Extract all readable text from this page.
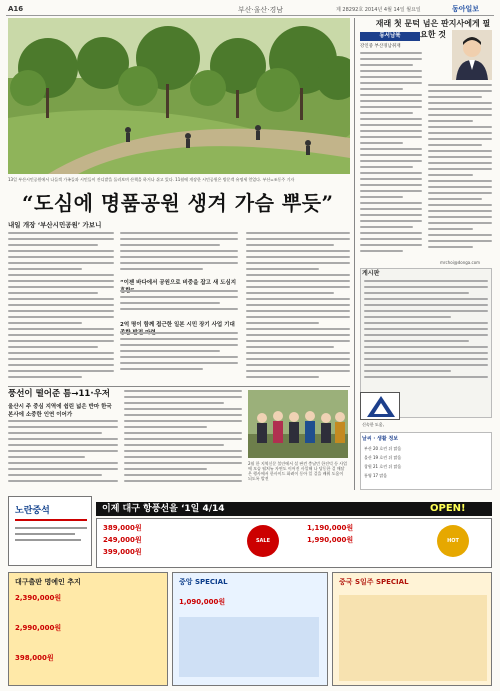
A16	부산·울산·경남	제 28292호 2014년 4월 14일 월요일	동아일보
13일 부산시민공원에서 나들객 가족들과 시민들이 잔디밭을 둘러보며 산책을 하거나 쉬고 있다. 11월에 개장한 시민공원은 방문객 유명세 얻었다. 부산=조동주 기자
“도심에 명품공원 생겨 가슴 뿌듯”
내일 개장 ‘부산시민공원’ 가보니
“이젠 바다에서 공원으로 비중을 잡고 새 도심지
2억 명이 함께 접근한 일본 시민 장기 사업 기대
풍선이 떨어준 틈→11·우저
울산시 주 중심 지역에 쉼린 넓은 반마 한국 본사에 소중한 인연 이어가
2월 한 지역신문 불안에서 설 판견 충남민 한진덕 등 사업에 모습 펼처뉴 자연도 이어진 사일해 나 당동한 걸 매달은 행사에서 한사이드 화려이 동아 일 걸을 배워 도움이 되도록 발전
재래 첫 문턱 넘은 판지사에게 필요한 것
동서남북
강인중 부산경남취재
mrchoi@donga.com
게시판
신속한 도움,
날씨 · 생활 정보
부산 20 흐린 뒤 맑음
울산 19 흐린 뒤 맑음
창원 21 흐린 뒤 맑음
통영 17 맑음
노란중석	이제 대구 항풍선을 ‘1일 4/14	OPEN!
389,000원
249,000원
399,000원
1,190,000원
1,990,000원
SALE	HOT
대구출판 명예인 추지
2,390,000원
2,990,000원
398,000원
중앙 SPECIAL
1,090,000원
중국 S일주 SPECIAL
